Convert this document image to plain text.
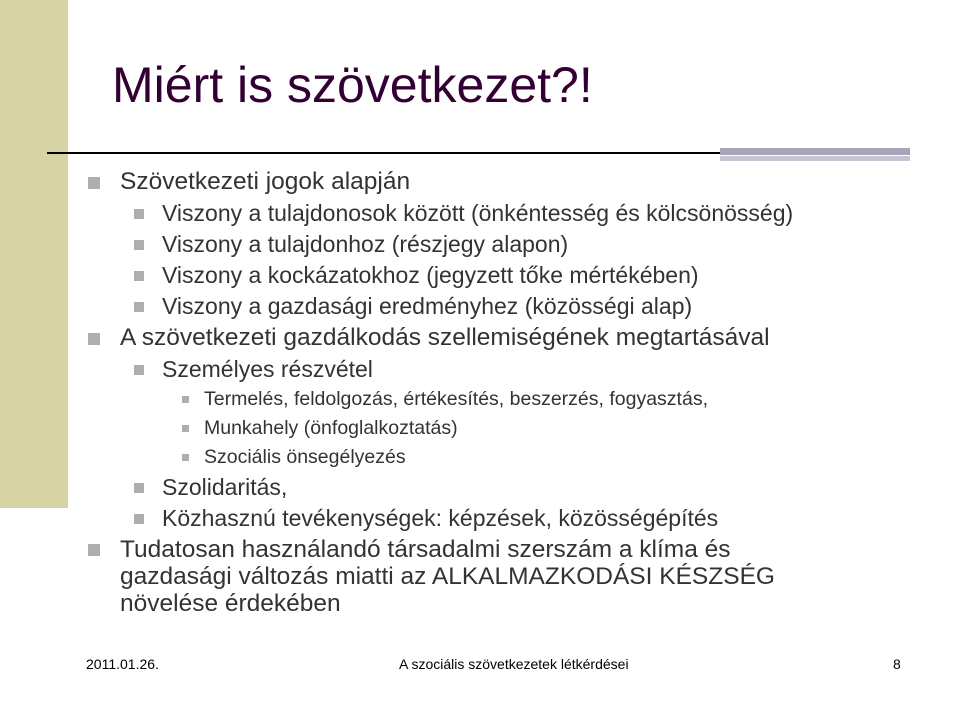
Miért is szövetkezet?!
Szövetkezeti jogok alapján
Viszony a tulajdonosok között (önkéntesség és kölcsönösség)
Viszony a tulajdonhoz (részjegy alapon)
Viszony a kockázatokhoz (jegyzett tőke mértékében)
Viszony a gazdasági eredményhez (közösségi alap)
A szövetkezeti gazdálkodás szellemiségének megtartásával
Személyes részvétel
Termelés, feldolgozás, értékesítés, beszerzés, fogyasztás,
Munkahely (önfoglalkoztatás)
Szociális önsegélyezés
Szolidaritás,
Közhasznú tevékenységek: képzések, közösségépítés
Tudatosan használandó társadalmi szerszám a klíma és gazdasági változás miatti az ALKALMAZKODÁSI KÉSZSÉG növelése érdekében
2011.01.26.	A szociális szövetkezetek létkérdései	8
